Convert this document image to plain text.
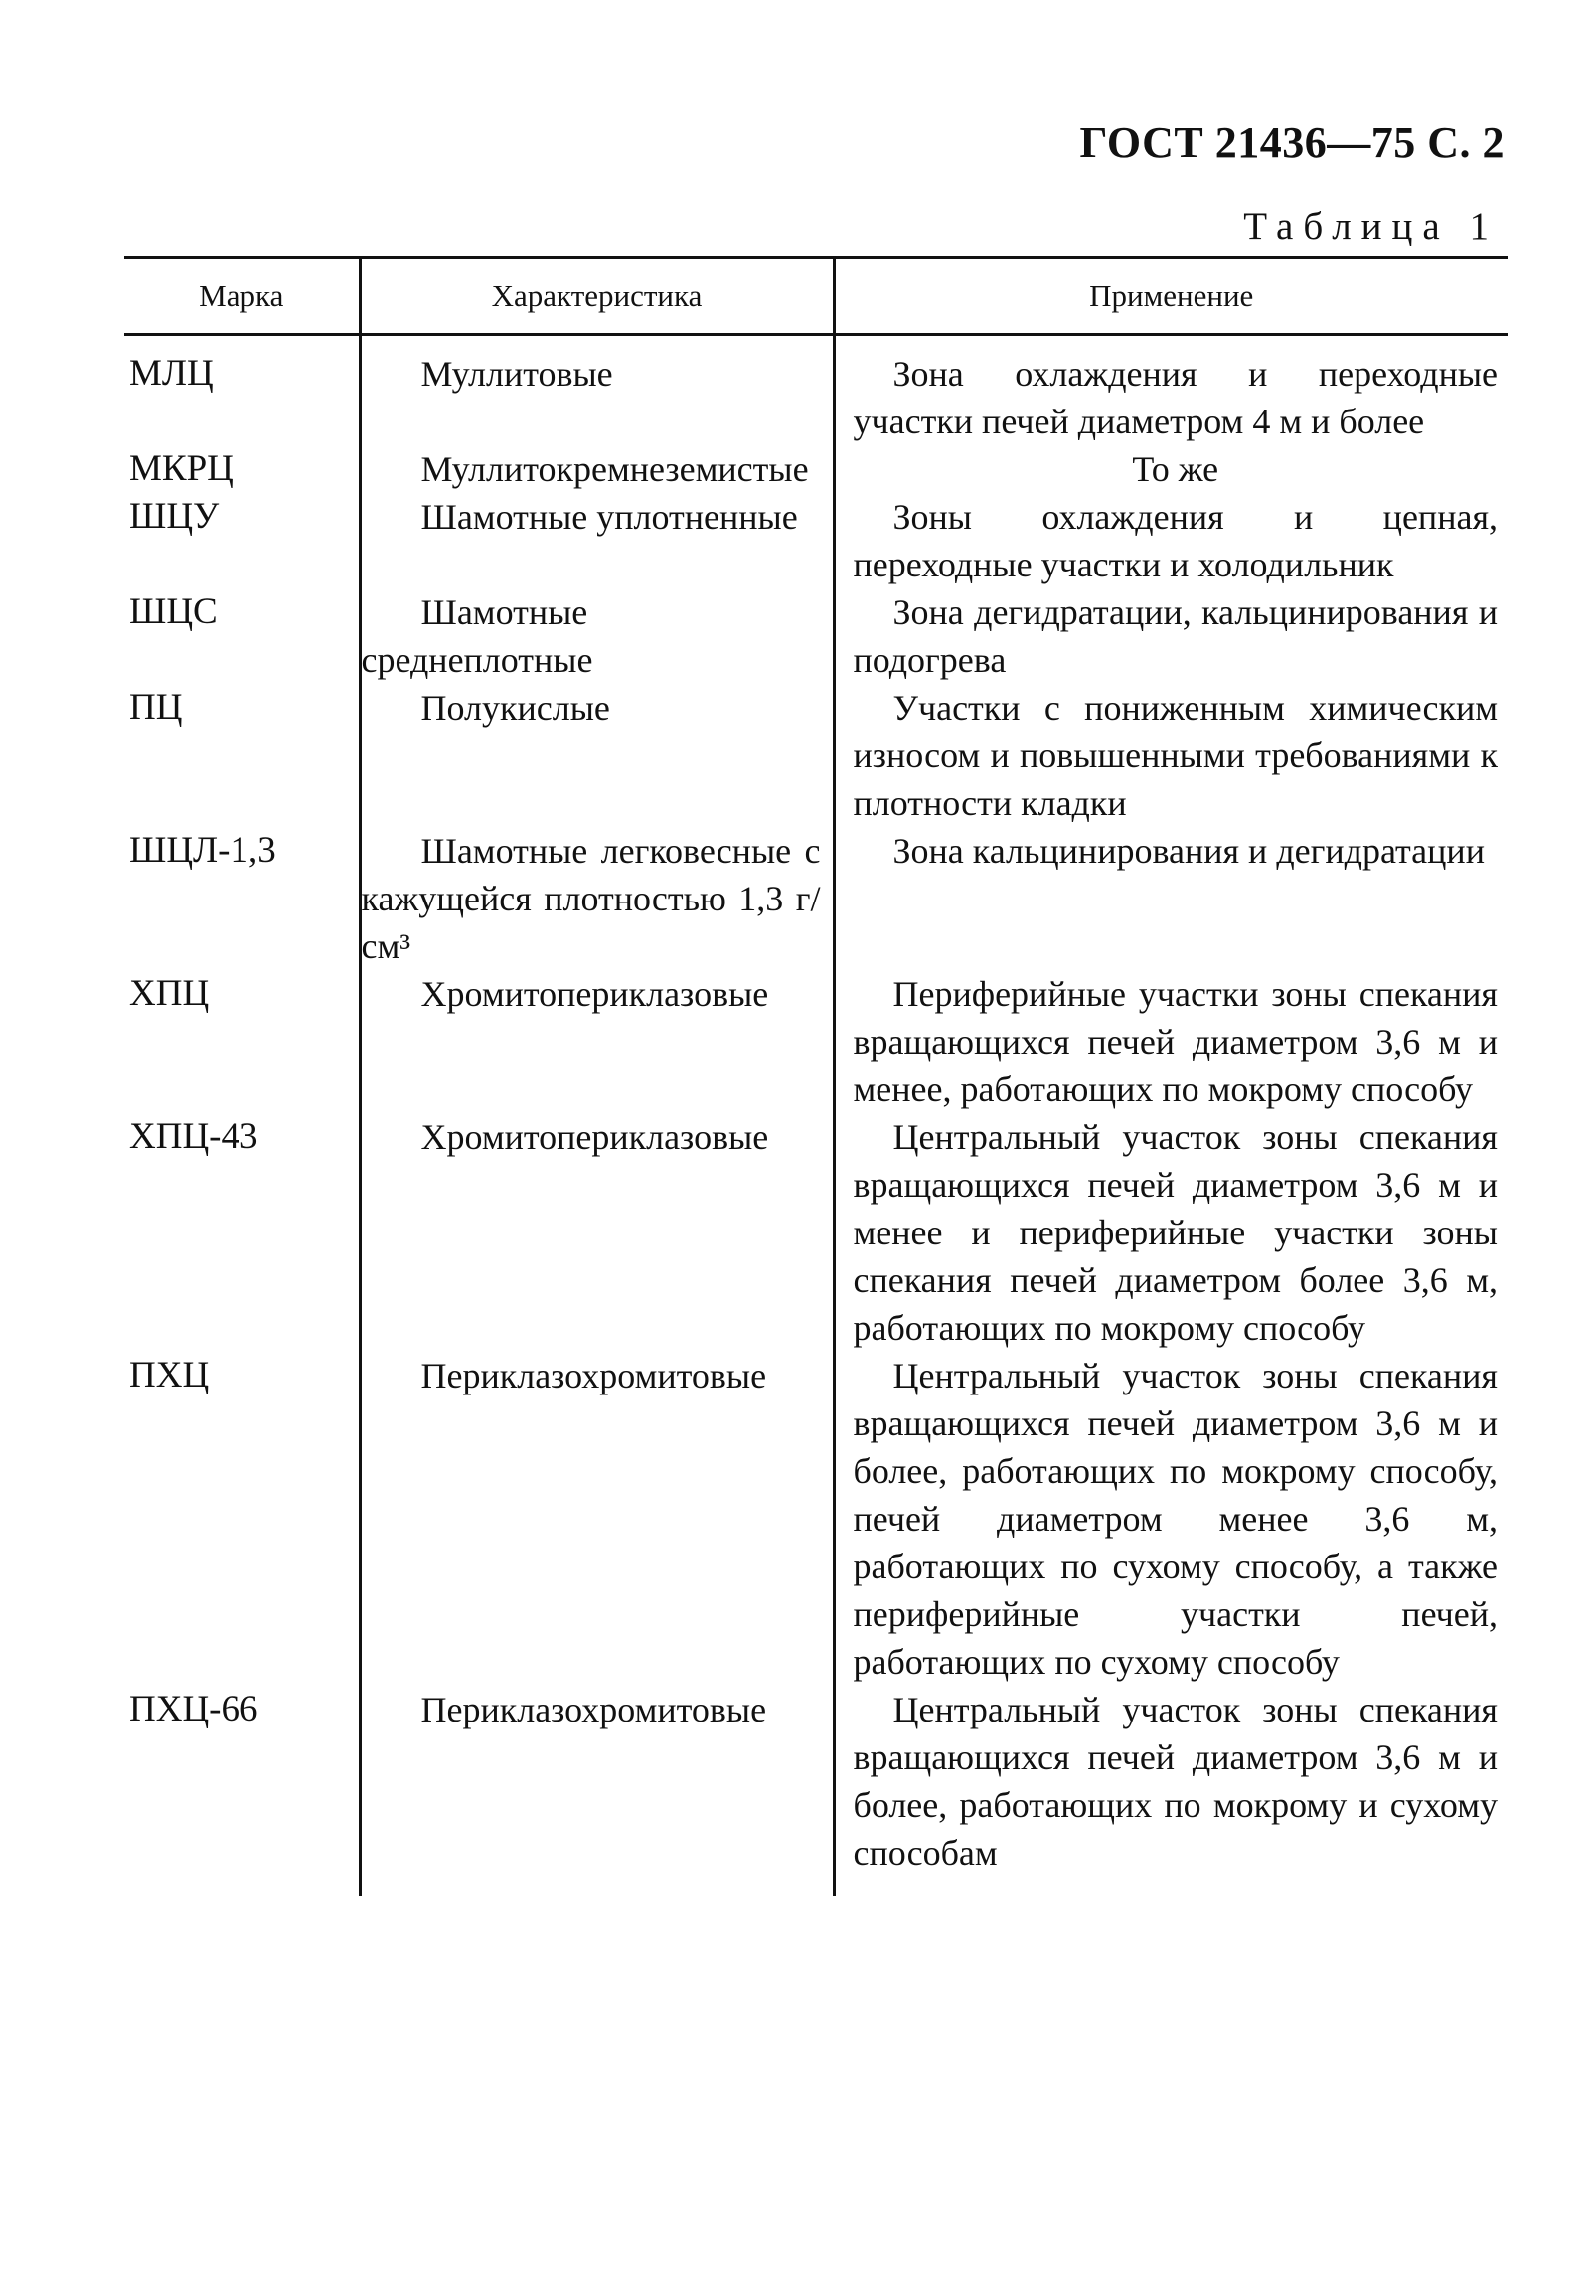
ГОСТ 21436—75 С. 2
Таблица 1
Марка	Характеристика	Применение
МЛЦ	Муллитовые	Зона охлаждения и переходные участки печей диаметром 4 м и более

МКРЦ	Муллитокремнеземистые	То же

ШЦУ	Шамотные уплотненные	Зоны охлаждения и цепная, переходные участки и холодильник

ШЦС	Шамотные среднеплотные	Зона дегидратации, кальцинирования и подогрева

ПЦ	Полукислые	Участки с пониженным химическим износом и повышенными требованиями к плотности кладки

ШЦЛ-1,3	Шамотные легковесные с кажущейся плотностью 1,3 г/см³	Зона кальцинирования и дегидратации

ХПЦ	Хромитопериклазовые	Периферийные участки зоны спекания вращающихся печей диаметром 3,6 м и менее, работающих по мокрому способу

ХПЦ-43	Хромитопериклазовые	Центральный участок зоны спекания вращающихся печей диаметром 3,6 м и менее и периферийные участки зоны спекания печей диаметром более 3,6 м, работающих по мокрому способу

ПХЦ	Периклазохромитовые	Центральный участок зоны спекания вращающихся печей диаметром 3,6 м и более, работающих по мокрому способу, печей диаметром менее 3,6 м, работающих по сухому способу, а также периферийные участки печей, работающих по сухому способу

ПХЦ-66	Периклазохромитовые	Центральный участок зоны спекания вращающихся печей диаметром 3,6 м и более, работающих по мокрому и сухому способам
